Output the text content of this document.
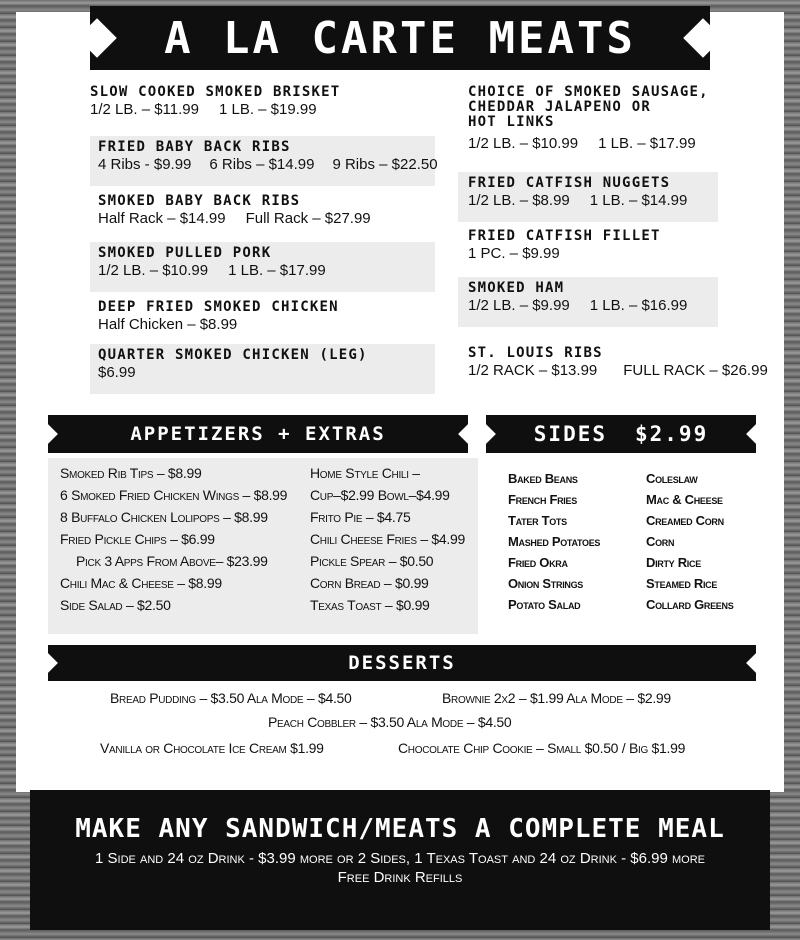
A LA CARTE MEATS
SLOW COOKED SMOKED BRISKET
1/2 LB. – $11.99 1 LB. – $19.99
FRIED BABY BACK RIBS
4 Ribs - $9.99 6 Ribs – $14.99 9 Ribs – $22.50
SMOKED BABY BACK RIBS
Half Rack – $14.99 Full Rack – $27.99
SMOKED PULLED PORK
1/2 LB. – $10.99 1 LB. – $17.99
DEEP FRIED SMOKED CHICKEN
Half Chicken – $8.99
QUARTER SMOKED CHICKEN (LEG)
$6.99
CHOICE OF SMOKED SAUSAGE,
CHEDDAR JALAPENO OR
HOT LINKS
1/2 LB. – $10.99 1 LB. – $17.99
FRIED CATFISH NUGGETS
1/2 LB. – $8.99 1 LB. – $14.99
FRIED CATFISH FILLET
1 PC. – $9.99
SMOKED HAM
1/2 LB. – $9.99 1 LB. – $16.99
ST. LOUIS RIBS
1/2 RACK – $13.99 FULL RACK – $26.99
APPETIZERS + EXTRAS	SIDES $2.99
Smoked Rib Tips – $8.99
6 Smoked Fried Chicken Wings – $8.99
8 Buffalo Chicken Lolipops – $8.99
Fried Pickle Chips – $6.99
Pick 3 Apps From Above– $23.99
Chili Mac & Cheese – $8.99
Side Salad – $2.50
Home Style Chili –
Cup–$2.99 Bowl–$4.99
Frito Pie – $4.75
Chili Cheese Fries – $4.99
Pickle Spear – $0.50
Corn Bread – $0.99
Texas Toast – $0.99
Baked Beans
French Fries
Tater Tots
Mashed Potatoes
Fried Okra
Onion Strings
Potato Salad
Coleslaw
Mac & Cheese
Creamed Corn
Corn
Dirty Rice
Steamed Rice
Collard Greens
DESSERTS
Bread Pudding – $3.50 Ala Mode – $4.50	Brownie 2x2 – $1.99 Ala Mode – $2.99
Peach Cobbler – $3.50 Ala Mode – $4.50
Vanilla or Chocolate Ice Cream $1.99	Chocolate Chip Cookie – Small $0.50 / Big $1.99
MAKE ANY SANDWICH/MEATS A COMPLETE MEAL
1 Side and 24 oz Drink - $3.99 more or 2 Sides, 1 Texas Toast and 24 oz Drink - $6.99 more
Free Drink Refills
